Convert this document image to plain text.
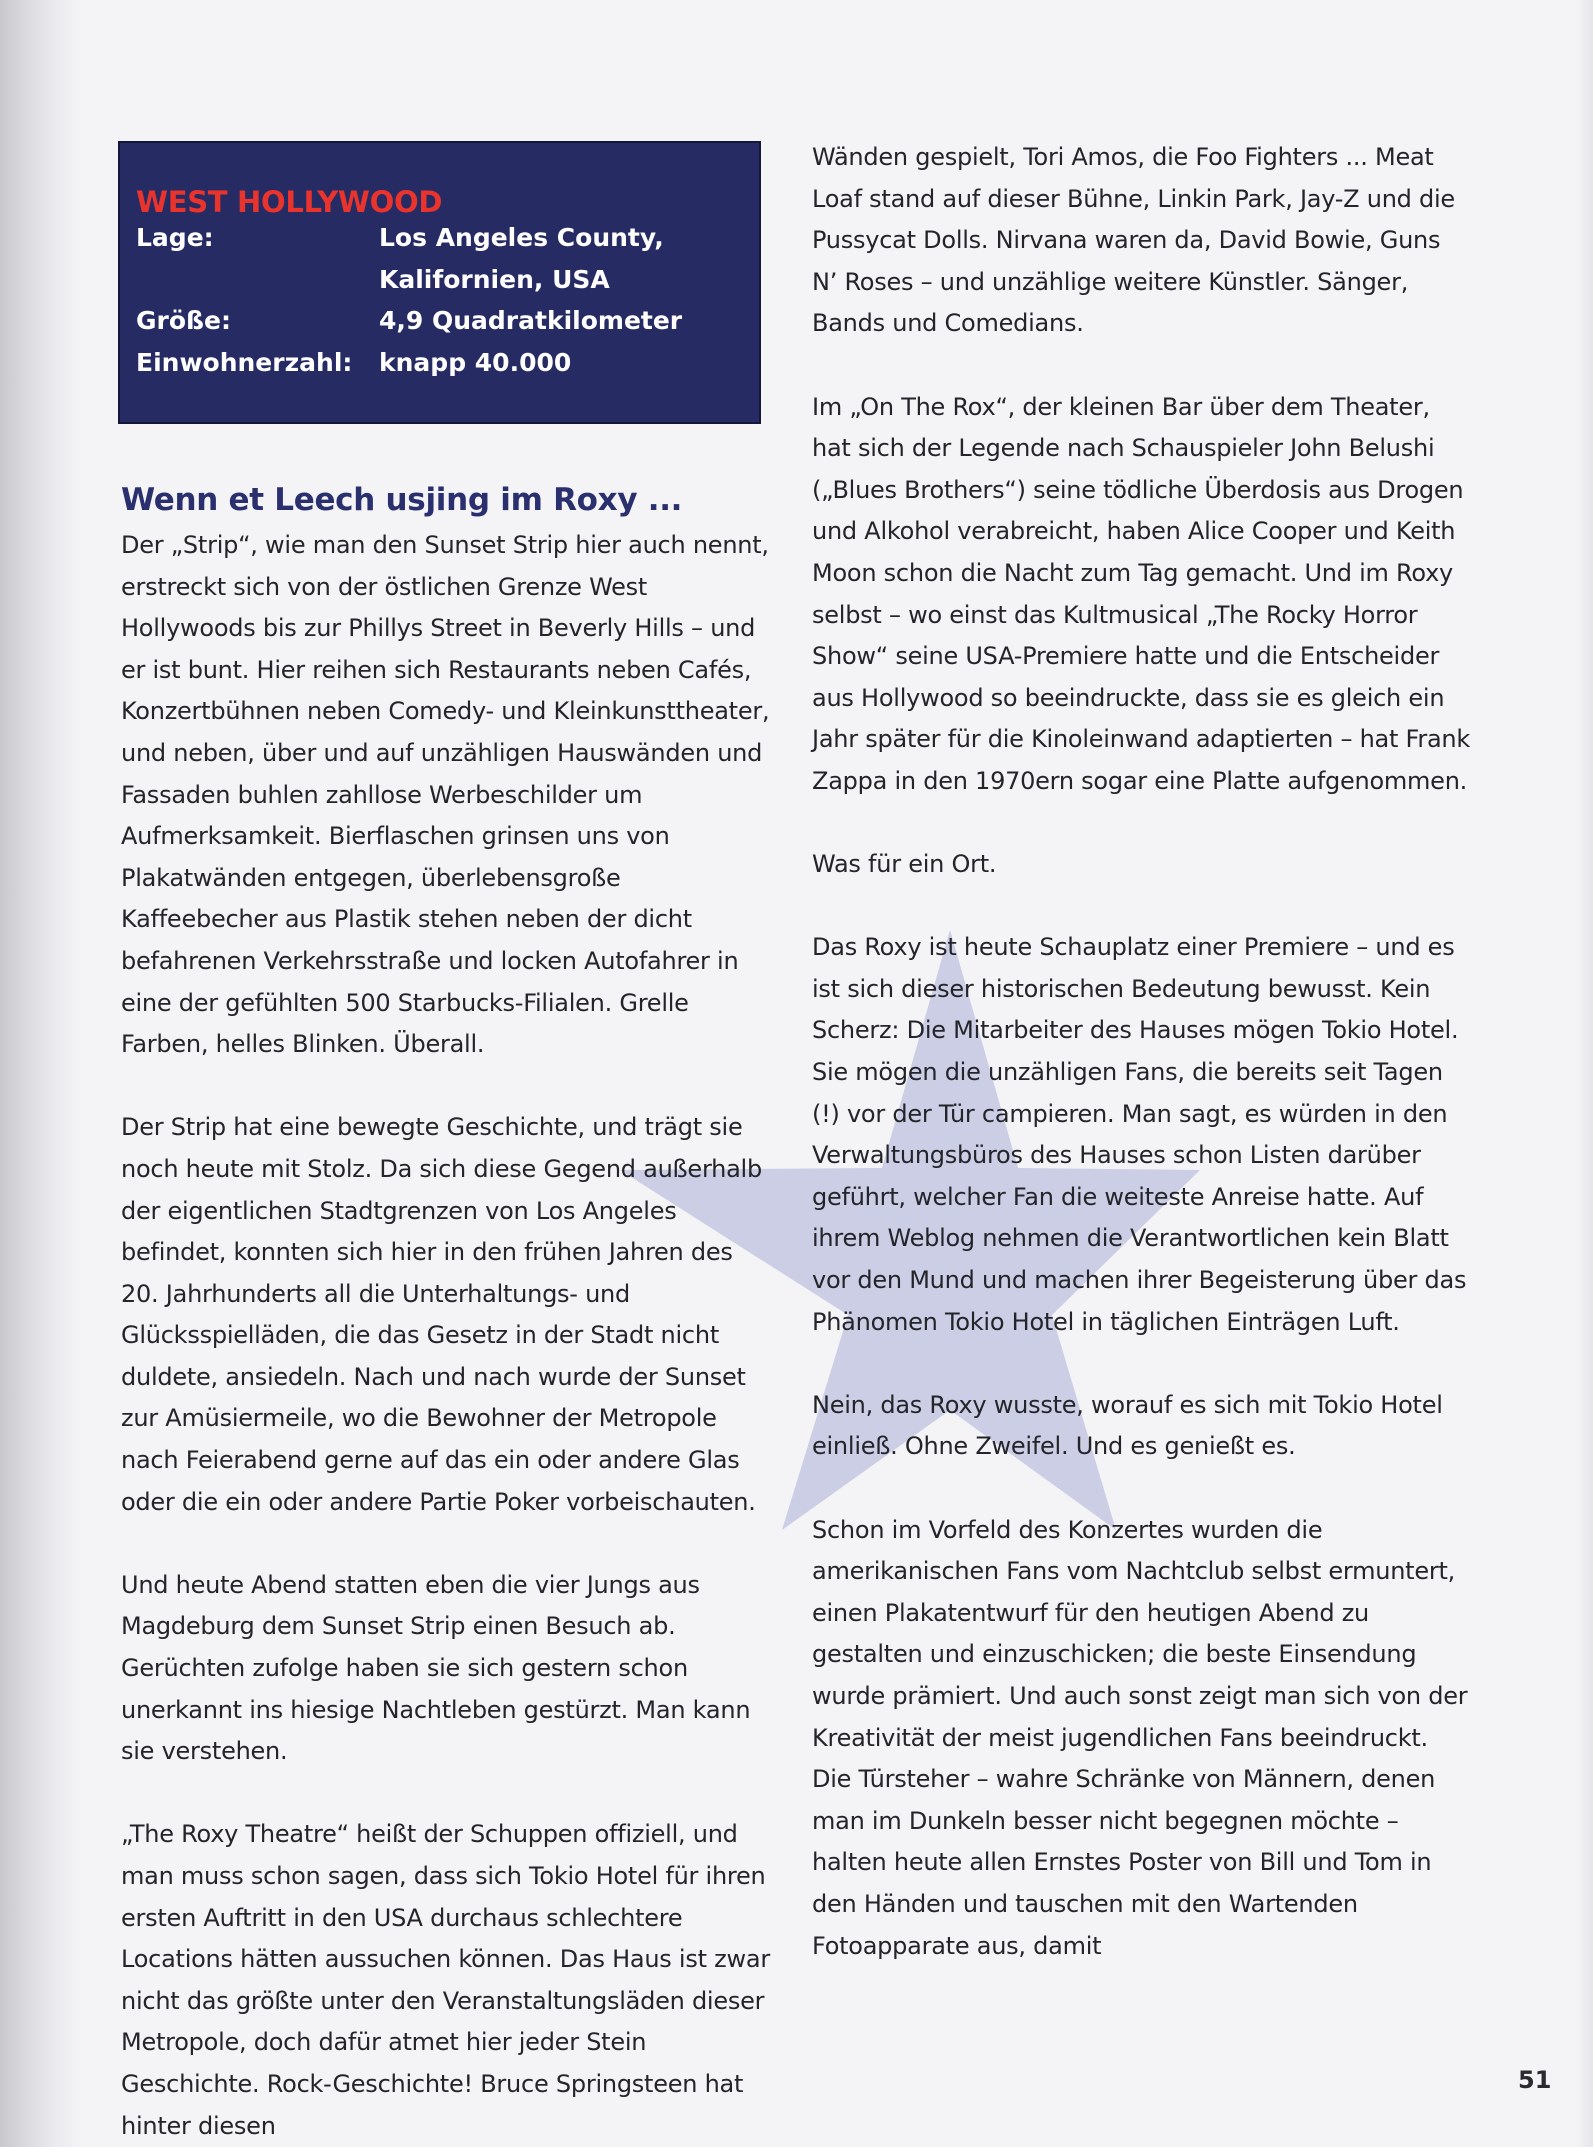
WEST HOLLYWOOD
Lage:	Los Angeles County,
	Kalifornien, USA
Größe:	4,9 Quadratkilometer
Einwohnerzahl:	knapp 40.000
Wenn et Leech usjing im Roxy ...

Der „Strip“, wie man den Sunset Strip hier auch nennt, erstreckt sich von der östlichen Grenze West Hollywoods bis zur Phillys Street in Beverly Hills – und er ist bunt. Hier reihen sich Restaurants neben Cafés, Konzertbühnen neben Comedy- und Kleinkunsttheater, und neben, über und auf unzähligen Hauswänden und Fassaden buhlen zahllose Werbeschilder um Aufmerksamkeit. Bierflaschen grinsen uns von Plakatwänden entgegen, überlebensgroße Kaffeebecher aus Plastik stehen neben der dicht befahrenen Verkehrsstraße und locken Autofahrer in eine der gefühlten 500 Starbucks-Filialen. Grelle Farben, helles Blinken. Überall.

Der Strip hat eine bewegte Geschichte, und trägt sie noch heute mit Stolz. Da sich diese Gegend außerhalb der eigentlichen Stadtgrenzen von Los Angeles befindet, konnten sich hier in den frühen Jahren des 20. Jahrhunderts all die Unterhaltungs- und Glücksspielläden, die das Gesetz in der Stadt nicht duldete, ansiedeln. Nach und nach wurde der Sunset zur Amüsiermeile, wo die Bewohner der Metropole nach Feierabend gerne auf das ein oder andere Glas oder die ein oder andere Partie Poker vorbeischauten.

Und heute Abend statten eben die vier Jungs aus Magdeburg dem Sunset Strip einen Besuch ab. Gerüchten zufolge haben sie sich gestern schon unerkannt ins hiesige Nachtleben gestürzt. Man kann sie verstehen.

„The Roxy Theatre“ heißt der Schuppen offiziell, und man muss schon sagen, dass sich Tokio Hotel für ihren ersten Auftritt in den USA durchaus schlechtere Locations hätten aussuchen können. Das Haus ist zwar nicht das größte unter den Veranstaltungsläden dieser Metropole, doch dafür atmet hier jeder Stein Geschichte. Rock-Geschichte! Bruce Springsteen hat hinter diesen

Wänden gespielt, Tori Amos, die Foo Fighters ... Meat Loaf stand auf dieser Bühne, Linkin Park, Jay-Z und die Pussycat Dolls. Nirvana waren da, David Bowie, Guns N’ Roses – und unzählige weitere Künstler. Sänger, Bands und Comedians.

Im „On The Rox“, der kleinen Bar über dem Theater, hat sich der Legende nach Schauspieler John Belushi („Blues Brothers“) seine tödliche Überdosis aus Drogen und Alkohol verabreicht, haben Alice Cooper und Keith Moon schon die Nacht zum Tag gemacht. Und im Roxy selbst – wo einst das Kultmusical „The Rocky Horror Show“ seine USA-Premiere hatte und die Entscheider aus Hollywood so beeindruckte, dass sie es gleich ein Jahr später für die Kinoleinwand adaptierten – hat Frank Zappa in den 1970ern sogar eine Platte aufgenommen.

Was für ein Ort.

Das Roxy ist heute Schauplatz einer Premiere – und es ist sich dieser historischen Bedeutung bewusst. Kein Scherz: Die Mitarbeiter des Hauses mögen Tokio Hotel. Sie mögen die unzähligen Fans, die bereits seit Tagen (!) vor der Tür campieren. Man sagt, es würden in den Verwaltungsbüros des Hauses schon Listen darüber geführt, welcher Fan die weiteste Anreise hatte. Auf ihrem Weblog nehmen die Verantwortlichen kein Blatt vor den Mund und machen ihrer Begeisterung über das Phänomen Tokio Hotel in täglichen Einträgen Luft.

Nein, das Roxy wusste, worauf es sich mit Tokio Hotel einließ. Ohne Zweifel. Und es genießt es.

Schon im Vorfeld des Konzertes wurden die amerikanischen Fans vom Nachtclub selbst ermuntert, einen Plakatentwurf für den heutigen Abend zu gestalten und einzuschicken; die beste Einsendung wurde prämiert. Und auch sonst zeigt man sich von der Kreativität der meist jugendlichen Fans beeindruckt. Die Türsteher – wahre Schränke von Männern, denen man im Dunkeln besser nicht begegnen möchte – halten heute allen Ernstes Poster von Bill und Tom in den Händen und tauschen mit den Wartenden Fotoapparate aus, damit

51
